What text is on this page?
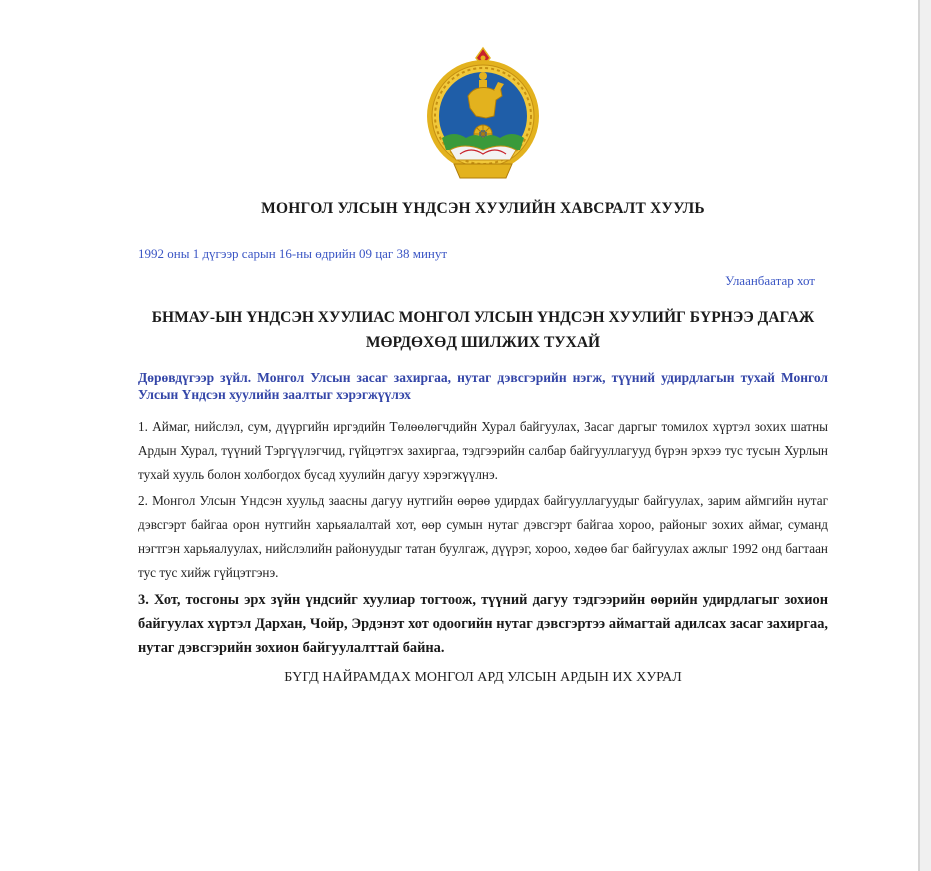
МОНГОЛ УЛСЫН ҮНДСЭН ХУУЛИЙН ХАВСРАЛТ ХУУЛЬ
1992 оны 1 дүгээр сарын 16-ны өдрийн 09 цаг 38 минут
Улаанбаатар хот
БНМАУ-ЫН ҮНДСЭН ХУУЛИАС МОНГОЛ УЛСЫН ҮНДСЭН ХУУЛИЙГ БҮРНЭЭ ДАГАЖ МӨРДӨХӨД ШИЛЖИХ ТУХАЙ
Дөрөвдүгээр зүйл. Монгол Улсын засаг захиргаа, нутаг дэвсгэрийн нэгж, түүний удирдлагын тухай Монгол Улсын Үндсэн хуулийн заалтыг хэрэгжүүлэх
1. Аймаг, нийслэл, сум, дүүргийн иргэдийн Төлөөлөгчдийн Хурал байгуулах, Засаг даргыг томилох хүртэл зохих шатны Ардын Хурал, түүний Тэргүүлэгчид, гүйцэтгэх захиргаа, тэдгээрийн салбар байгууллагууд бүрэн эрхээ тус тусын Хурлын тухай хууль болон холбогдох бусад хуулийн дагуу хэрэгжүүлнэ.
2. Монгол Улсын Үндсэн хуульд заасны дагуу нутгийн өөрөө удирдах байгууллагуудыг байгуулах, зарим аймгийн нутаг дэвсгэрт байгаа орон нутгийн харьяалалтай хот, өөр сумын нутаг дэвсгэрт байгаа хороо, районыг зохих аймаг, суманд нэгтгэн харьяалуулах, нийслэлийн районуудыг татан буулгаж, дүүрэг, хороо, хөдөө баг байгуулах ажлыг 1992 онд багтаан тус тус хийж гүйцэтгэнэ.
3. Хот, тосгоны эрх зүйн үндсийг хуулиар тогтоож, түүний дагуу тэдгээрийн өөрийн удирдлагыг зохион байгуулах хүртэл Дархан, Чойр, Эрдэнэт хот одоогийн нутаг дэвсгэртээ аймагтай адилсах засаг захиргаа, нутаг дэвсгэрийн зохион байгуулалттай байна.
БҮГД НАЙРАМДАХ МОНГОЛ АРД УЛСЫН АРДЫН ИХ ХУРАЛ
